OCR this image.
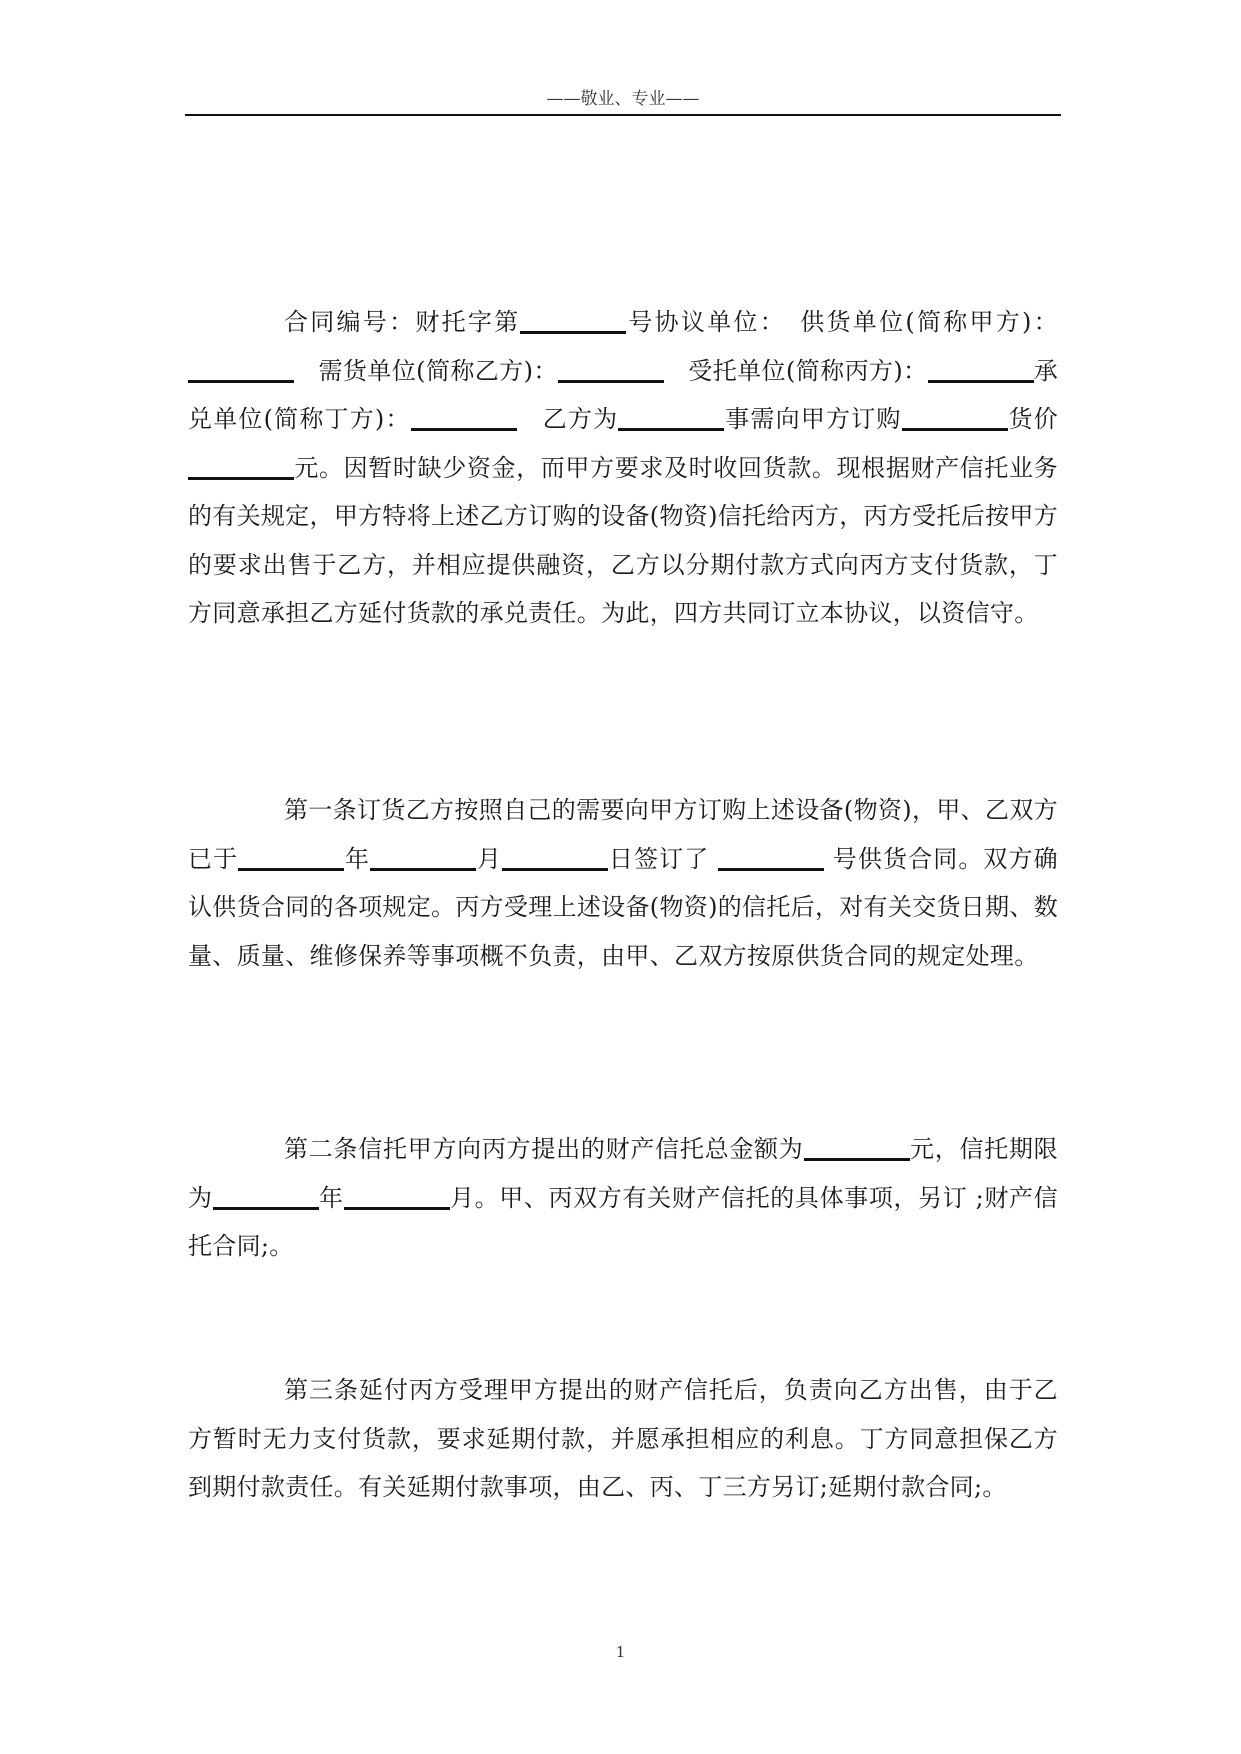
——敬业、专业——

合同编号：财托字第	号协议单位：　供货单位(简称甲方)：　需货单位(简称乙方)：	　受托单位(简称丙方)：	承兑单位(简称丁方)：	　乙方为	事需向甲方订购	货价元。因暂时缺少资金，而甲方要求及时收回货款。现根据财产信托业务的有关规定，甲方特将上述乙方订购的设备(物资)信托给丙方，丙方受托后按甲方的要求出售于乙方，并相应提供融资，乙方以分期付款方式向丙方支付货款，丁方同意承担乙方延付货款的承兑责任。为此，四方共同订立本协议，以资信守。

第一条订货乙方按照自己的需要向甲方订购上述设备(物资)，甲、乙双方已于	年	月	日签订了	号供货合同。双方确认供货合同的各项规定。丙方受理上述设备(物资)的信托后，对有关交货日期、数量、质量、维修保养等事项概不负责，由甲、乙双方按原供货合同的规定处理。

第二条信托甲方向丙方提出的财产信托总金额为	元，信托期限为	年	月。甲、丙双方有关财产信托的具体事项，另订 ;财产信托合同;。

第三条延付丙方受理甲方提出的财产信托后，负责向乙方出售，由于乙方暂时无力支付货款，要求延期付款，并愿承担相应的利息。丁方同意担保乙方到期付款责任。有关延期付款事项，由乙、丙、丁三方另订;延期付款合同;。

1
